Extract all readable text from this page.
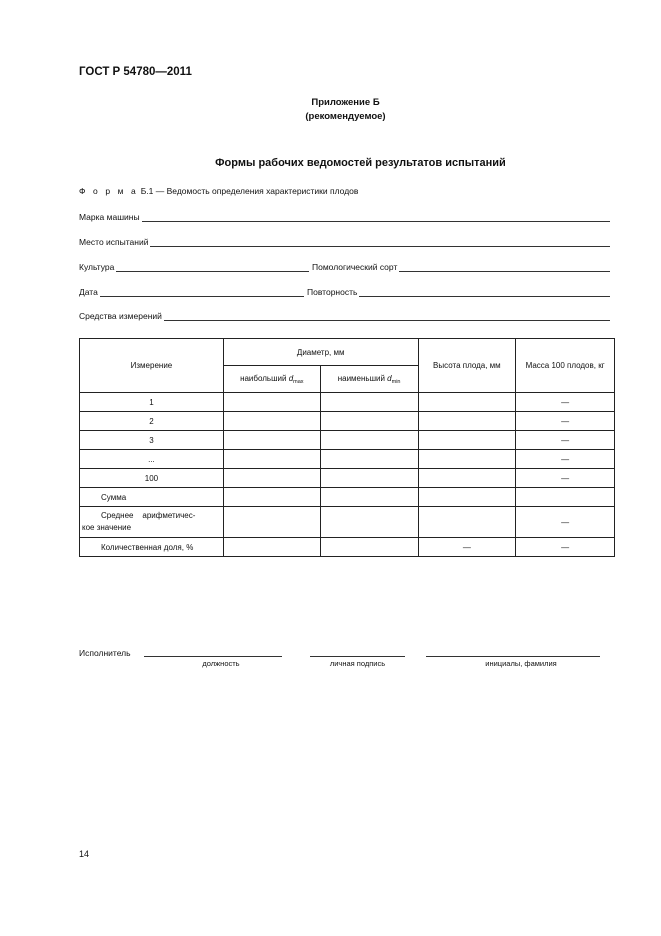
ГОСТ Р 54780—2011
Приложение Б
(рекомендуемое)
Формы рабочих ведомостей результатов испытаний
Ф о р м а Б.1 — Ведомость определения характеристики плодов
Марка машины
Место испытаний
Культура	Помологический сорт
Дата	Повторность
Средства измерений
Измерение	Диаметр, мм		Высота плода, мм	Масса 100 плодов, кг
	наибольший $d_{max}$	наименьший $d_{min}$
1				—
2				—
3				—
...				—
100				—
Сумма				
Среднее    арифметичес-
кое значение				—
Количественная доля, %			—	—
Исполнитель
должность	личная подпись	инициалы, фамилия
14
